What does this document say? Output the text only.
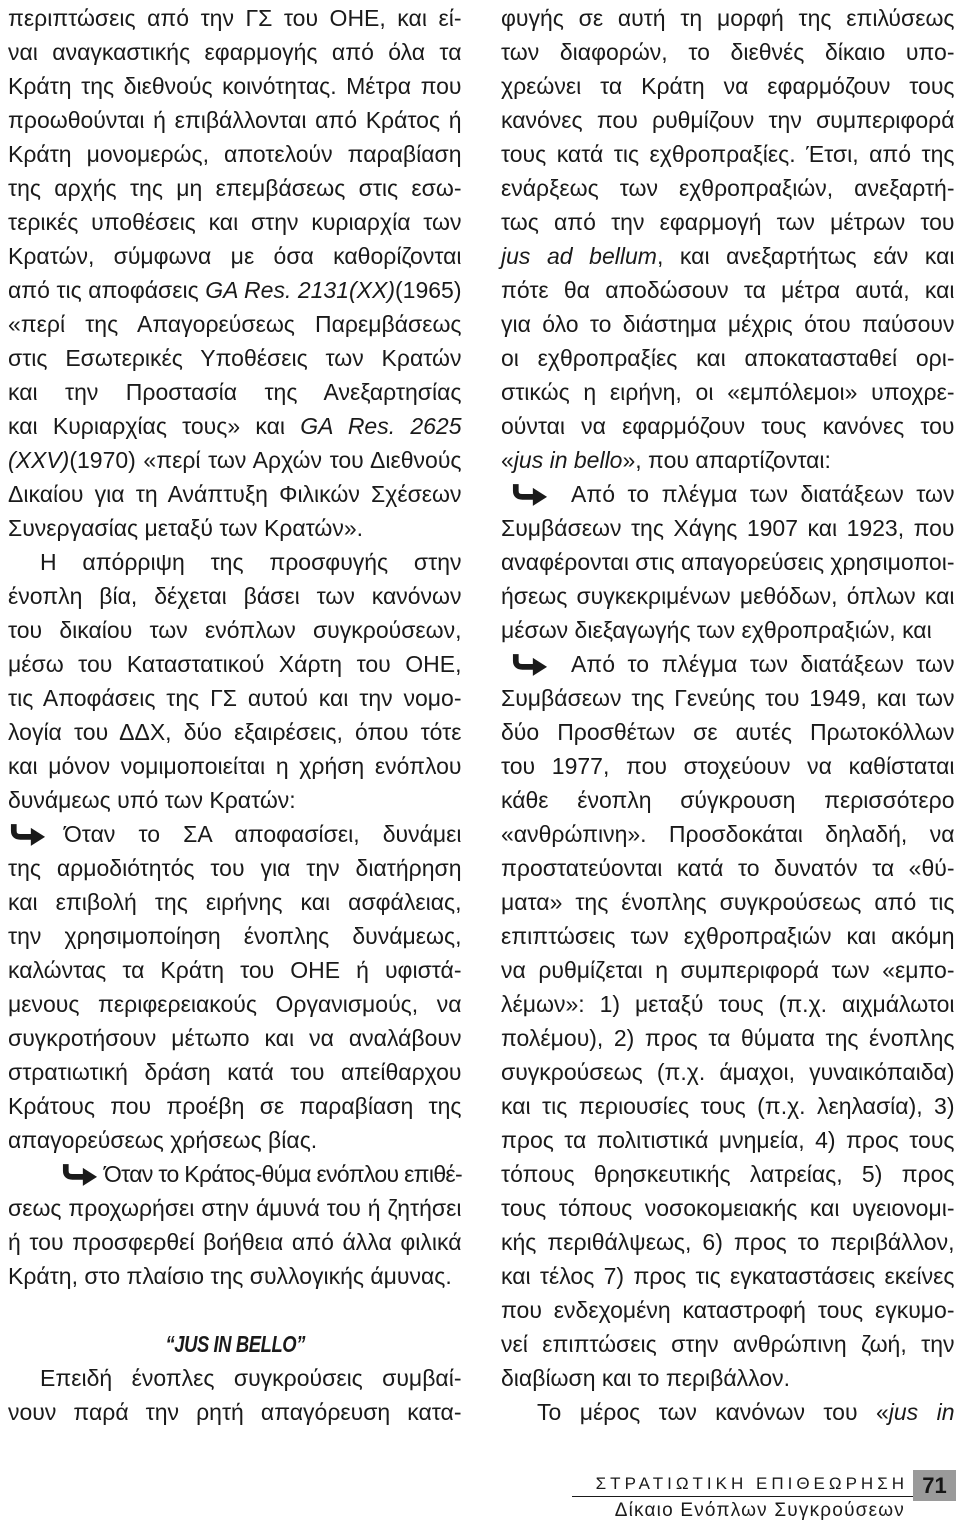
περιπτώσεις από την ΓΣ του ΟΗΕ, και εί-
ναι αναγκαστικής εφαρμογής από όλα τα
Κράτη της διεθνούς κοινότητας. Μέτρα που
προωθούνται ή επιβάλλονται από Κράτος ή
Κράτη μονομερώς, αποτελούν παραβίαση
της αρχής της μη επεμβάσεως στις εσω-
τερικές υποθέσεις και στην κυριαρχία των
Κρατών, σύμφωνα με όσα καθορίζονται
από τις αποφάσεις GA Res. 2131(XX)(1965)
«περί της Απαγορεύσεως Παρεμβάσεως
στις Εσωτερικές Υποθέσεις των Κρατών
και την Προστασία της Ανεξαρτησίας
και Κυριαρχίας τους» και GA Res. 2625
(XXV)(1970) «περί των Αρχών του Διεθνούς
Δικαίου για τη Ανάπτυξη Φιλικών Σχέσεων
Συνεργασίας μεταξύ των Κρατών».
Η απόρριψη της προσφυγής στην
ένοπλη βία, δέχεται βάσει των κανόνων
του δικαίου των ενόπλων συγκρούσεων,
μέσω του Καταστατικού Χάρτη του ΟΗΕ,
τις Αποφάσεις της ΓΣ αυτού και την νομο-
λογία του ΔΔΧ, δύο εξαιρέσεις, όπου τότε
και μόνον νομιμοποιείται η χρήση ενόπλου
δυνάμεως υπό των Κρατών:
Όταν το ΣΑ αποφασίσει, δυνάμει
της αρμοδιότητός του για την διατήρηση
και επιβολή της ειρήνης και ασφάλειας,
την χρησιμοποίηση ένοπλης δυνάμεως,
καλώντας τα Κράτη του ΟΗΕ ή υφιστά-
μενους περιφερειακούς Οργανισμούς, να
συγκροτήσουν μέτωπο και να αναλάβουν
στρατιωτική δράση κατά του απείθαρχου
Κράτους που προέβη σε παραβίαση της
απαγορεύσεως χρήσεως βίας.
Όταν το Κράτος-θύμα ενόπλου επιθέ-
σεως προχωρήσει στην άμυνά του ή ζητήσει
ή του προσφερθεί βοήθεια από άλλα φιλικά
Κράτη, στο πλαίσιο της συλλογικής άμυνας.
“JUS IN BELLO”
Επειδή ένοπλες συγκρούσεις συμβαί-
νουν παρά την ρητή απαγόρευση κατα-
φυγής σε αυτή τη μορφή της επιλύσεως
των διαφορών, το διεθνές δίκαιο υπο-
χρεώνει τα Κράτη να εφαρμόζουν τους
κανόνες που ρυθμίζουν την συμπεριφορά
τους κατά τις εχθροπραξίες. Έτσι, από της
ενάρξεως των εχθροπραξιών, ανεξαρτή-
τως από την εφαρμογή των μέτρων του
jus ad bellum, και ανεξαρτήτως εάν και
πότε θα αποδώσουν τα μέτρα αυτά, και
για όλο το διάστημα μέχρις ότου παύσουν
οι εχθροπραξίες και αποκατασταθεί ορι-
στικώς η ειρήνη, οι «εμπόλεμοι» υποχρε-
ούνται να εφαρμόζουν τους κανόνες του
«jus in bello», που απαρτίζονται:
Από το πλέγμα των διατάξεων των
Συμβάσεων της Χάγης 1907 και 1923, που
αναφέρονται στις απαγορεύσεις χρησιμοποι-
ήσεως συγκεκριμένων μεθόδων, όπλων και
μέσων διεξαγωγής των εχθροπραξιών, και
Από το πλέγμα των διατάξεων των
Συμβάσεων της Γενεύης του 1949, και των
δύο Προσθέτων σε αυτές Πρωτοκόλλων
του 1977, που στοχεύουν να καθίσταται
κάθε ένοπλη σύγκρουση περισσότερο
«ανθρώπινη». Προσδοκάται δηλαδή, να
προστατεύονται κατά το δυνατόν τα «θύ-
ματα» της ένοπλης συγκρούσεως από τις
επιπτώσεις των εχθροπραξιών και ακόμη
να ρυθμίζεται η συμπεριφορά των «εμπο-
λέμων»: 1) μεταξύ τους (π.χ. αιχμάλωτοι
πολέμου), 2) προς τα θύματα της ένοπλης
συγκρούσεως (π.χ. άμαχοι, γυναικόπαιδα)
και τις περιουσίες τους (π.χ. λεηλασία), 3)
προς τα πολιτιστικά μνημεία, 4) προς τους
τόπους θρησκευτικής λατρείας, 5) προς
τους τόπους νοσοκομειακής και υγειονομι-
κής περιθάλψεως, 6) προς το περιβάλλον,
και τέλος 7) προς τις εγκαταστάσεις εκείνες
που ενδεχομένη καταστροφή τους εγκυμο-
νεί επιπτώσεις στην ανθρώπινη ζωή, την
διαβίωση και το περιβάλλον.
Το μέρος των κανόνων του «jus in
ΣΤΡΑΤΙΩΤΙΚΗ ΕΠΙΘΕΩΡΗΣΗ 71
Δίκαιο Ενόπλων Συγκρούσεων
